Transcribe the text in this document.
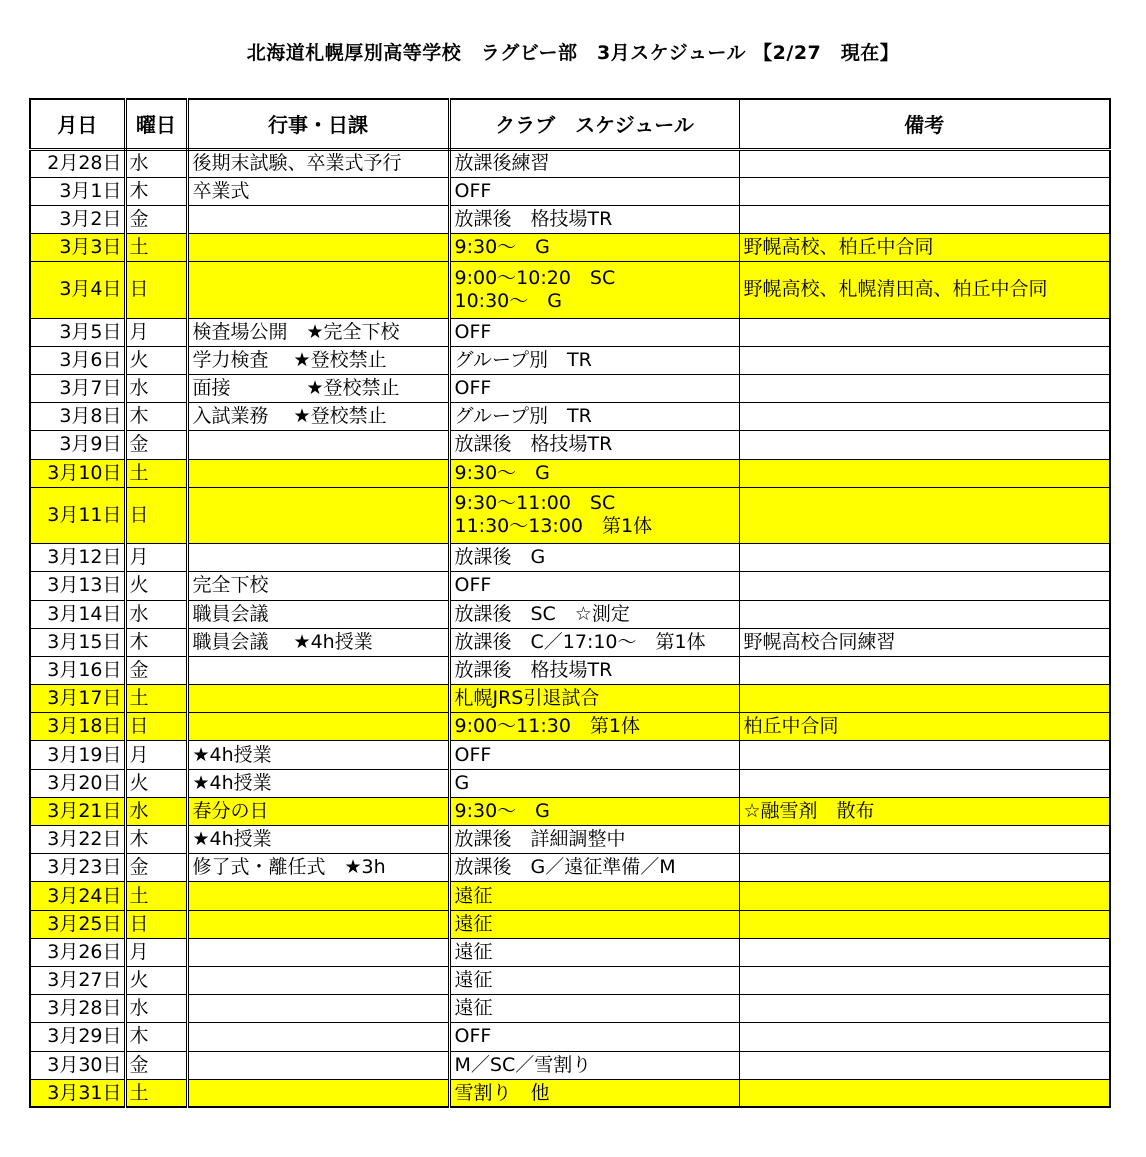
北海道札幌厚別高等学校　ラグビー部　3月スケジュール 【2/27　現在】
月日	曜日	行事・日課	クラブ　スケジュール	備考
2月28日	水	後期末試験、卒業式予行	放課後練習	

3月1日	木	卒業式	OFF	

3月2日	金		放課後　格技場TR	

3月3日	土		9:30～　G	野幌高校、柏丘中合同
3月4日	日		9:00～10:20　SC
10:30～　G	野幌高校、札幌清田高、柏丘中合同
3月5日	月	検査場公開　★完全下校	OFF	

3月6日	火	学力検査　 ★登校禁止	グループ別　TR	

3月7日	水	面接　　　　★登校禁止	OFF	

3月8日	木	入試業務　 ★登校禁止	グループ別　TR	

3月9日	金		放課後　格技場TR	

3月10日	土		9:30～　G	

3月11日	日		9:30～11:00　SC
11:30～13:00　第1体	

3月12日	月		放課後　G	

3月13日	火	完全下校	OFF	

3月14日	水	職員会議	放課後　SC　☆測定	

3月15日	木	職員会議　 ★4h授業	放課後　C／17:10～　第1体	野幌高校合同練習
3月16日	金		放課後　格技場TR	

3月17日	土		札幌JRS引退試合	

3月18日	日		9:00～11:30　第1体	柏丘中合同
3月19日	月	★4h授業	OFF	

3月20日	火	★4h授業	G	

3月21日	水	春分の日	9:30～　G	☆融雪剤　散布
3月22日	木	★4h授業	放課後　詳細調整中	

3月23日	金	修了式・離任式　★3h	放課後　G／遠征準備／M	

3月24日	土		遠征	

3月25日	日		遠征	

3月26日	月		遠征	

3月27日	火		遠征	

3月28日	水		遠征	

3月29日	木		OFF	

3月30日	金		M／SC／雪割り	

3月31日	土		雪割り　他	
